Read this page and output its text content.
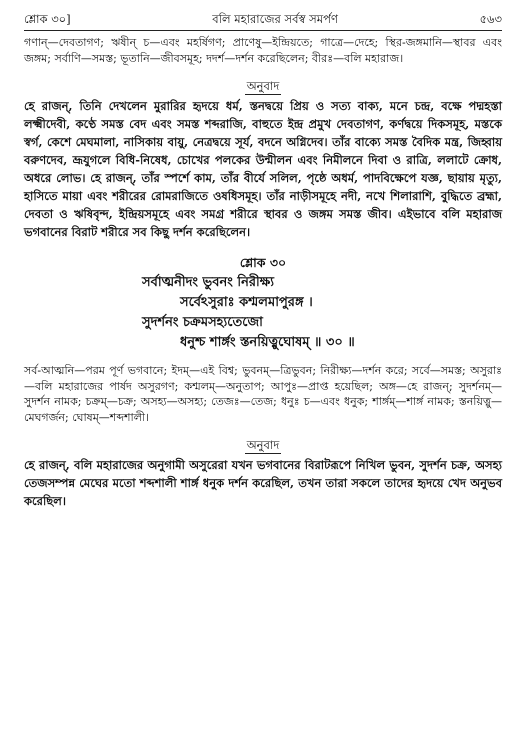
শ্লোক ৩০]	বলি মহারাজের সর্বস্ব সমর্পণ	৫৬৩

গণান্—দেবতাগণ; ঋষীন্ চ—এবং মহর্ষিগণ; প্রাণেষু—ইন্দ্রিয়তে; গাত্রে—দেহে; স্থির-জঙ্গমানি—স্থাবর এবং জঙ্গম; সর্বাণি—সমস্ত; ভূতানি—জীবসমূহ; দদর্শ—দর্শন করেছিলেন; বীরঃ—বলি মহারাজ।

অনুবাদ

হে রাজন্, তিনি দেখলেন মুরারির হৃদয়ে ধর্ম, স্তনদ্বয়ে প্রিয় ও সত্য বাক্য, মনে চন্দ্র, বক্ষে পদ্মহস্তা লক্ষ্মীদেবী, কণ্ঠে সমস্ত বেদ এবং সমস্ত শব্দরাজি, বাহুতে ইন্দ্র প্রমুখ দেবতাগণ, কর্ণদ্বয়ে দিকসমূহ, মস্তকে স্বর্গ, কেশে মেঘমালা, নাসিকায় বায়ু, নেত্রদ্বয়ে সূর্য, বদনে অগ্নিদেব। তাঁর বাক্যে সমস্ত বৈদিক মন্ত্র, জিহ্বায় বরুণদেব, ভ্রূযুগলে বিধি-নিষেধ, চোখের পলকের উন্মীলন এবং নিমীলনে দিবা ও রাত্রি, ললাটে ক্রোধ, অধরে লোভ। হে রাজন্, তাঁর স্পর্শে কাম, তাঁর বীর্যে সলিল, পৃষ্ঠে অধর্ম, পাদবিক্ষেপে যজ্ঞ, ছায়ায় মৃত্যু, হাসিতে মায়া এবং শরীরের রোমরাজিতে ওষধিসমূহ। তাঁর নাড়ীসমূহে নদী, নখে শিলারাশি, বুদ্ধিতে ব্রহ্মা, দেবতা ও ঋষিবৃন্দ, ইন্দ্রিয়সমূহে এবং সমগ্র শরীরে স্থাবর ও জঙ্গম সমস্ত জীব। এইভাবে বলি মহারাজ ভগবানের বিরাট শরীরে সব কিছু দর্শন করেছিলেন।

শ্লোক ৩০
সর্বাত্মনীদং ভুবনং নিরীক্ষ্য
সর্বেঽসুরাঃ কশ্মলমাপুরঙ্গ ।
সুদর্শনং চক্রমসহ্যতেজো
ধনুশ্চ শার্ঙ্গং স্তনয়িত্নুঘোষম্ ॥ ৩০ ॥

সর্ব-আত্মনি—পরম পূর্ণ ভগবানে; ইদম্—এই বিশ্ব; ভুবনম্—ত্রিভুবন; নিরীক্ষ্য—দর্শন করে; সর্বে—সমস্ত; অসুরাঃ—বলি মহারাজের পার্ষদ অসুরগণ; কশ্মলম্—অনুতাপ; আপুঃ—প্রাপ্ত হয়েছিল; অঙ্গ—হে রাজন্; সুদর্শনম্—সুদর্শন নামক; চক্রম্—চক্র; অসহ্য—অসহ্য; তেজঃ—তেজ; ধনুঃ চ—এবং ধনুক; শার্ঙ্গম্—শার্ঙ্গ নামক; স্তনয়িত্নু—মেঘগর্জন; ঘোষম্—শব্দশালী।

অনুবাদ

হে রাজন্, বলি মহারাজের অনুগামী অসুরেরা যখন ভগবানের বিরাটরূপে নিখিল ভুবন, সুদর্শন চক্র, অসহ্য তেজসম্পন্ন মেঘের মতো শব্দশালী শার্ঙ্গ ধনুক দর্শন করেছিল, তখন তারা সকলে তাদের হৃদয়ে খেদ অনুভব করেছিল।
